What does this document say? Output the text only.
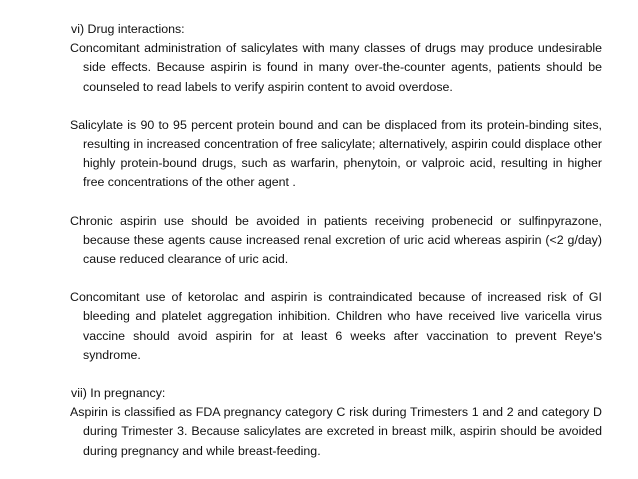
vi) Drug interactions:

Concomitant administration of salicylates with many classes of drugs may produce undesirable side effects. Because aspirin is found in many over-the-counter agents, patients should be counseled to read labels to verify aspirin content to avoid overdose.

Salicylate is 90 to 95 percent protein bound and can be displaced from its protein-binding sites, resulting in increased concentration of free salicylate; alternatively, aspirin could displace other highly protein-bound drugs, such as warfarin, phenytoin, or valproic acid, resulting in higher free concentrations of the other agent .

Chronic aspirin use should be avoided in patients receiving probenecid or sulfinpyrazone, because these agents cause increased renal excretion of uric acid whereas aspirin (<2 g/day) cause reduced clearance of uric acid.

Concomitant use of ketorolac and aspirin is contraindicated because of increased risk of GI bleeding and platelet aggregation inhibition. Children who have received live varicella virus vaccine should avoid aspirin for at least 6 weeks after vaccination to prevent Reye's syndrome.

vii) In pregnancy:

Aspirin is classified as FDA pregnancy category C risk during Trimesters 1 and 2 and category D during Trimester 3. Because salicylates are excreted in breast milk, aspirin should be avoided during pregnancy and while breast-feeding.
